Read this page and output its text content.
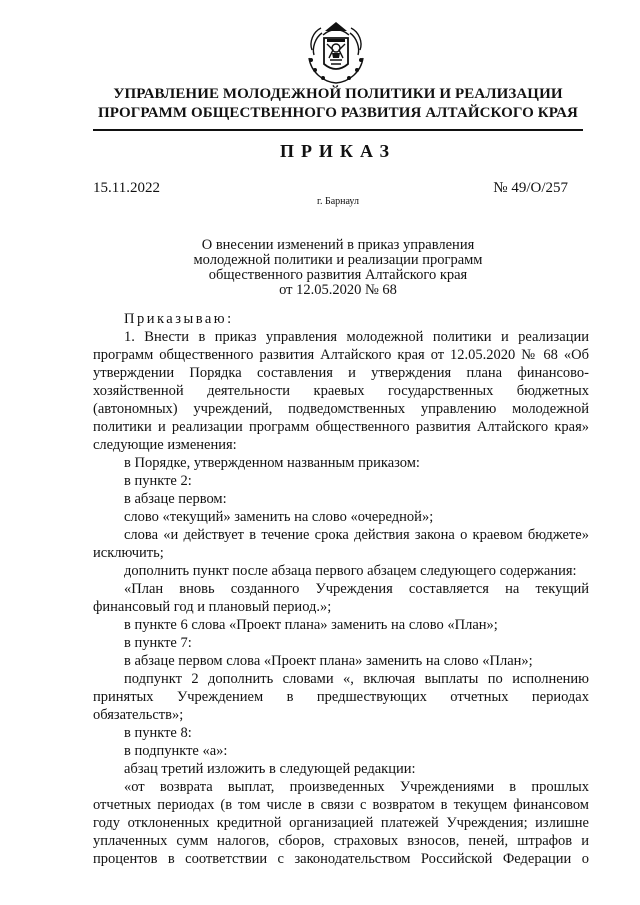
УПРАВЛЕНИЕ МОЛОДЕЖНОЙ ПОЛИТИКИ И РЕАЛИЗАЦИИ
ПРОГРАММ ОБЩЕСТВЕННОГО РАЗВИТИЯ АЛТАЙСКОГО КРАЯ
ПРИКАЗ
15.11.2022	№ 49/О/257
г. Барнаул
О внесении изменений в приказ управления
молодежной политики и реализации программ
общественного развития Алтайского края
от 12.05.2020 № 68
Приказываю:
1. Внести в приказ управления молодежной политики и реализации
программ общественного развития Алтайского края от 12.05.2020 № 68 «Об
утверждении Порядка составления и утверждения плана финансово-
хозяйственной деятельности краевых государственных бюджетных
(автономных) учреждений, подведомственных управлению молодежной
политики и реализации программ общественного развития Алтайского края»
следующие изменения:
в Порядке, утвержденном названным приказом:
в пункте 2:
в абзаце первом:
слово «текущий» заменить на слово «очередной»;
слова «и действует в течение срока действия закона о краевом бюджете»
исключить;
дополнить пункт после абзаца первого абзацем следующего содержания:
«План вновь созданного Учреждения составляется на текущий
финансовый год и плановый период.»;
в пункте 6 слова «Проект плана» заменить на слово «План»;
в пункте 7:
в абзаце первом слова «Проект плана» заменить на слово «План»;
подпункт 2 дополнить словами «, включая выплаты по исполнению
принятых Учреждением в предшествующих отчетных периодах
обязательств»;
в пункте 8:
в подпункте «а»:
абзац третий изложить в следующей редакции:
«от возврата выплат, произведенных Учреждениями в прошлых
отчетных периодах (в том числе в связи с возвратом в текущем финансовом
году отклоненных кредитной организацией платежей Учреждения; излишне
уплаченных сумм налогов, сборов, страховых взносов, пеней, штрафов и
процентов в соответствии с законодательством Российской Федерации о
